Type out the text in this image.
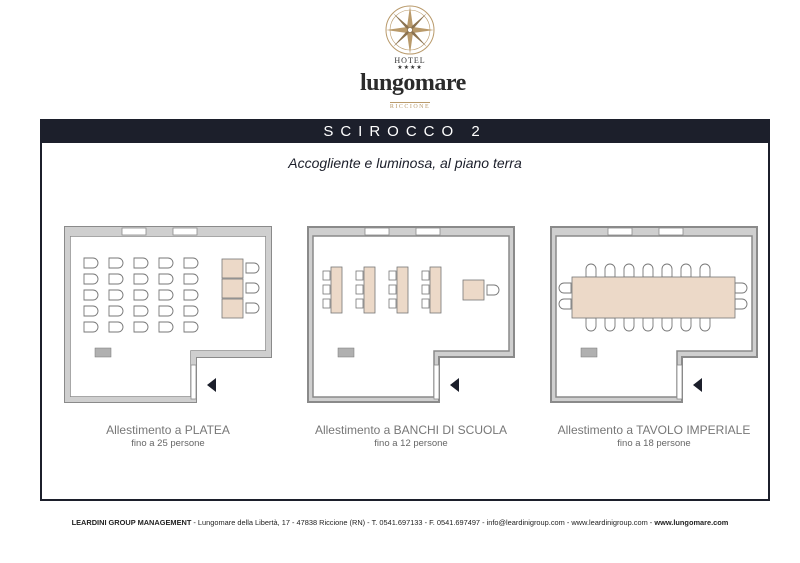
HOTEL
★★★★
lungomare
RICCIONE
SCIROCCO 2
Accogliente e luminosa, al piano terra
Allestimento a PLATEA
fino a 25 persone
Allestimento a BANCHI DI SCUOLA
fino a 12 persone
Allestimento a TAVOLO IMPERIALE
fino a 18 persone
LEARDINI GROUP MANAGEMENT - Lungomare della Libertà, 17 - 47838 Riccione (RN) - T. 0541.697133 - F. 0541.697497 - info@leardinigroup.com - www.leardinigroup.com - www.lungomare.com
